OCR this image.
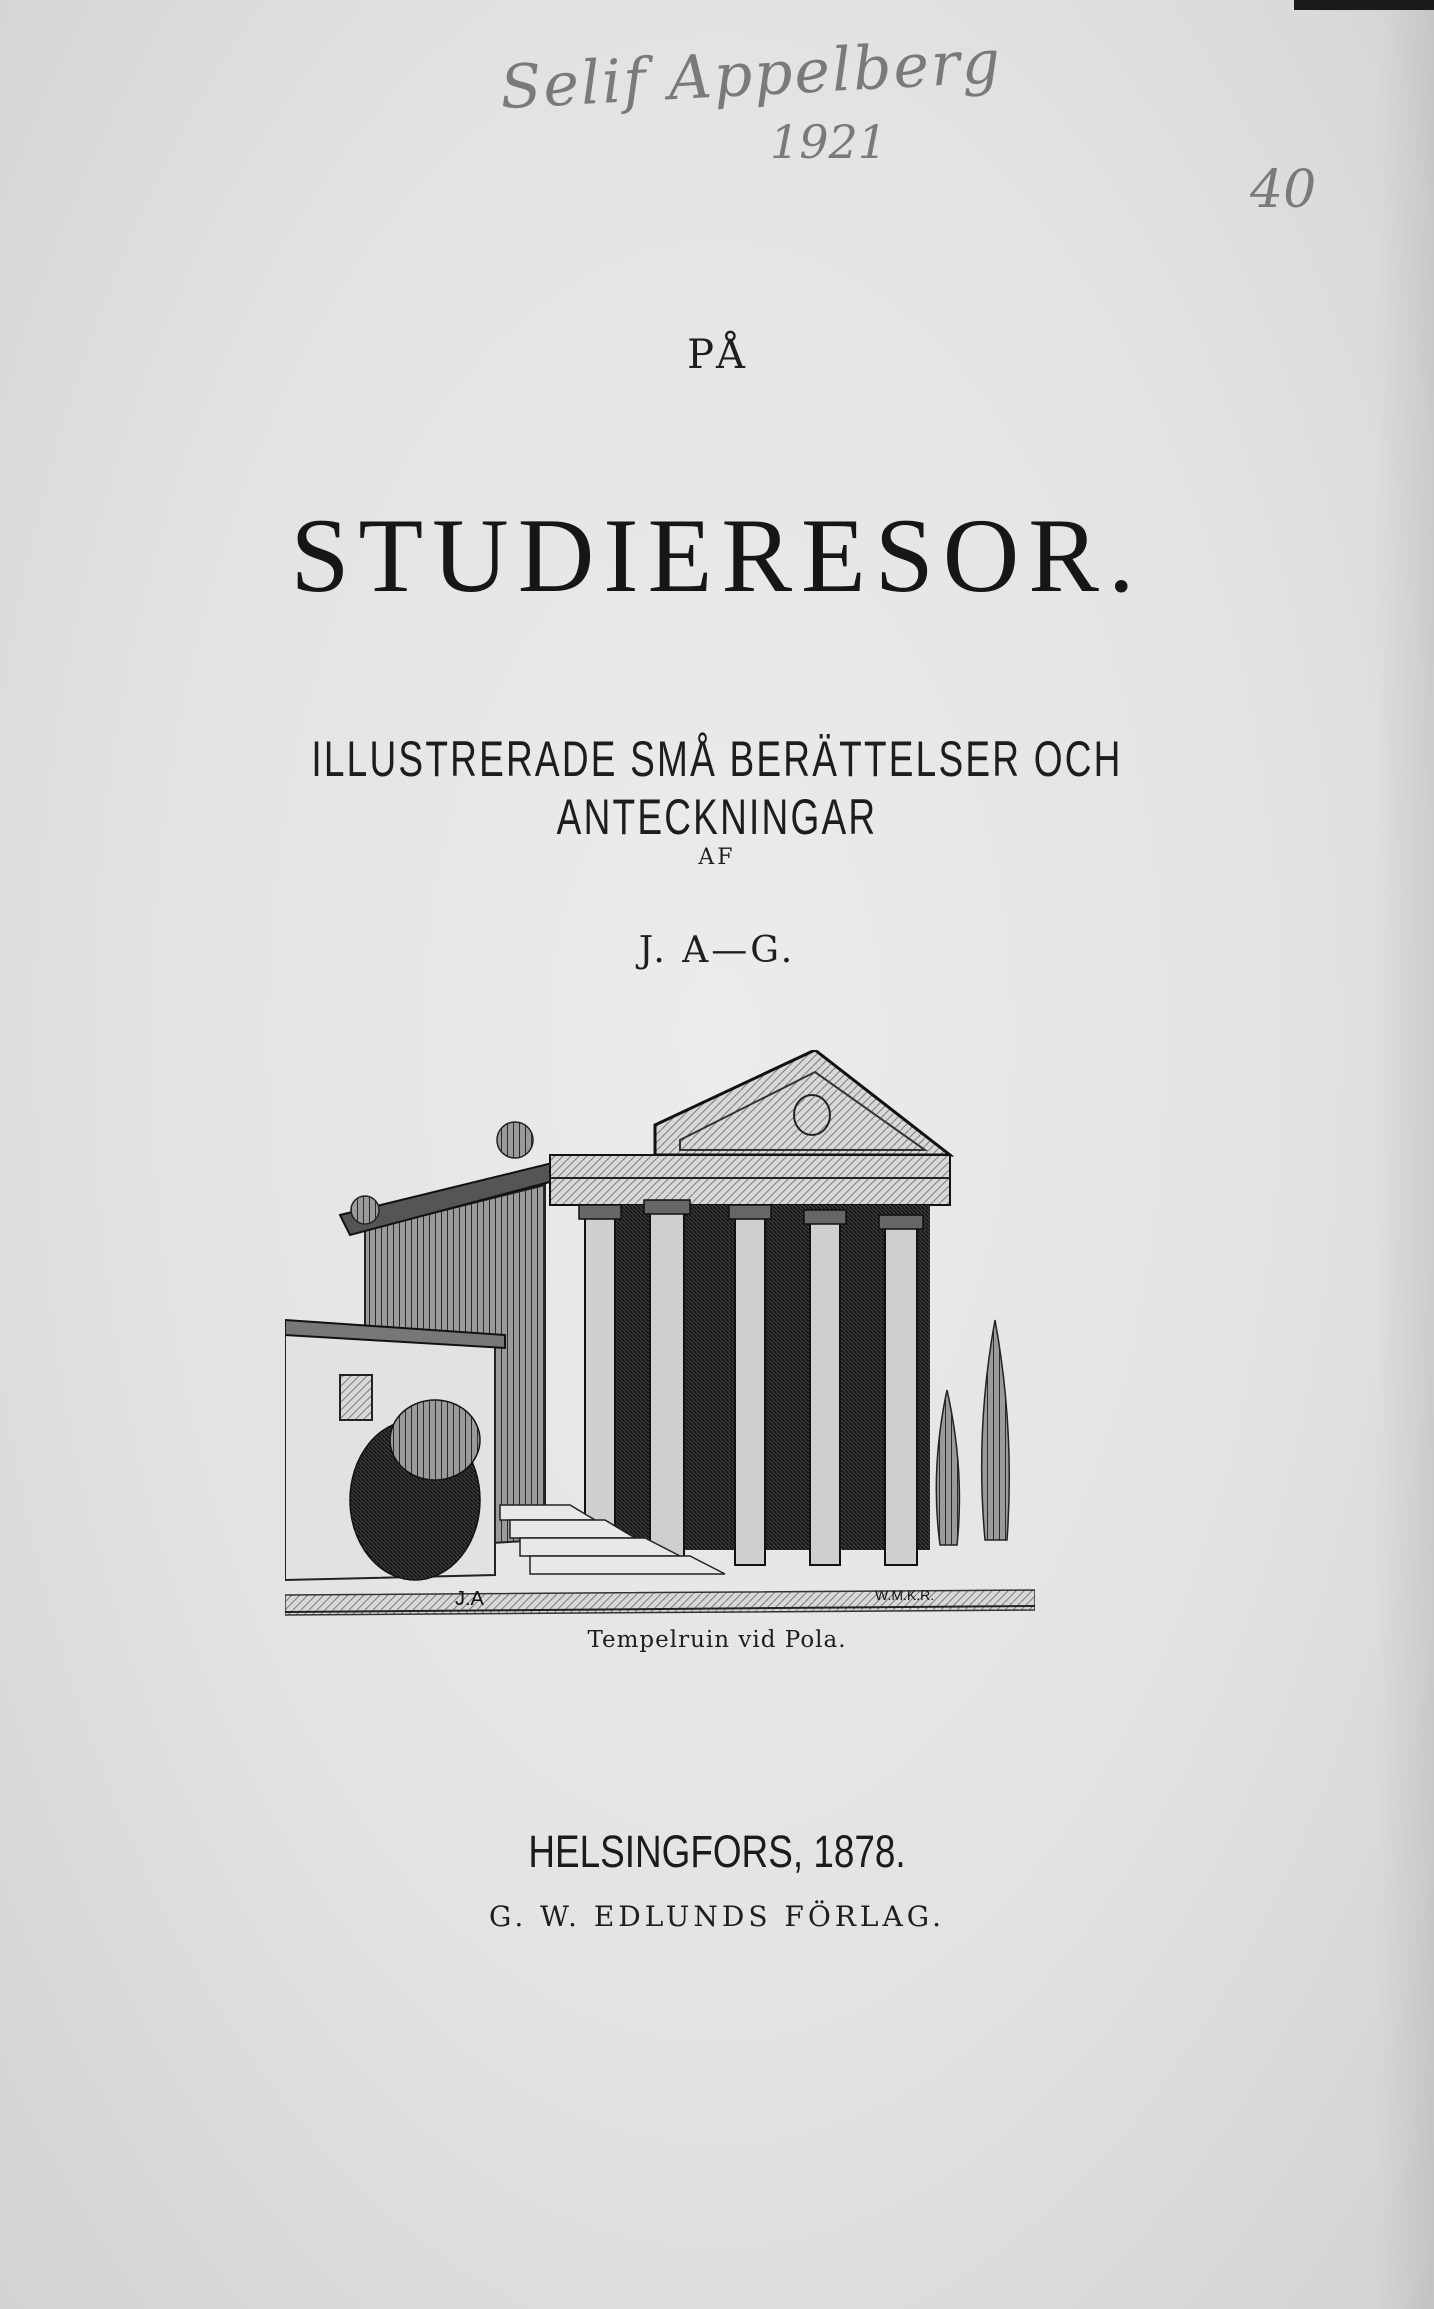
Selif Appelberg
1921
40
PÅ
STUDIERESOR.
ILLUSTRERADE SMÅ BERÄTTELSER OCH ANTECKNINGAR
AF
J. A—G.
J.A	W.M.K.R.
Tempelruin vid Pola.
HELSINGFORS, 1878.
G. W. EDLUNDS FÖRLAG.
